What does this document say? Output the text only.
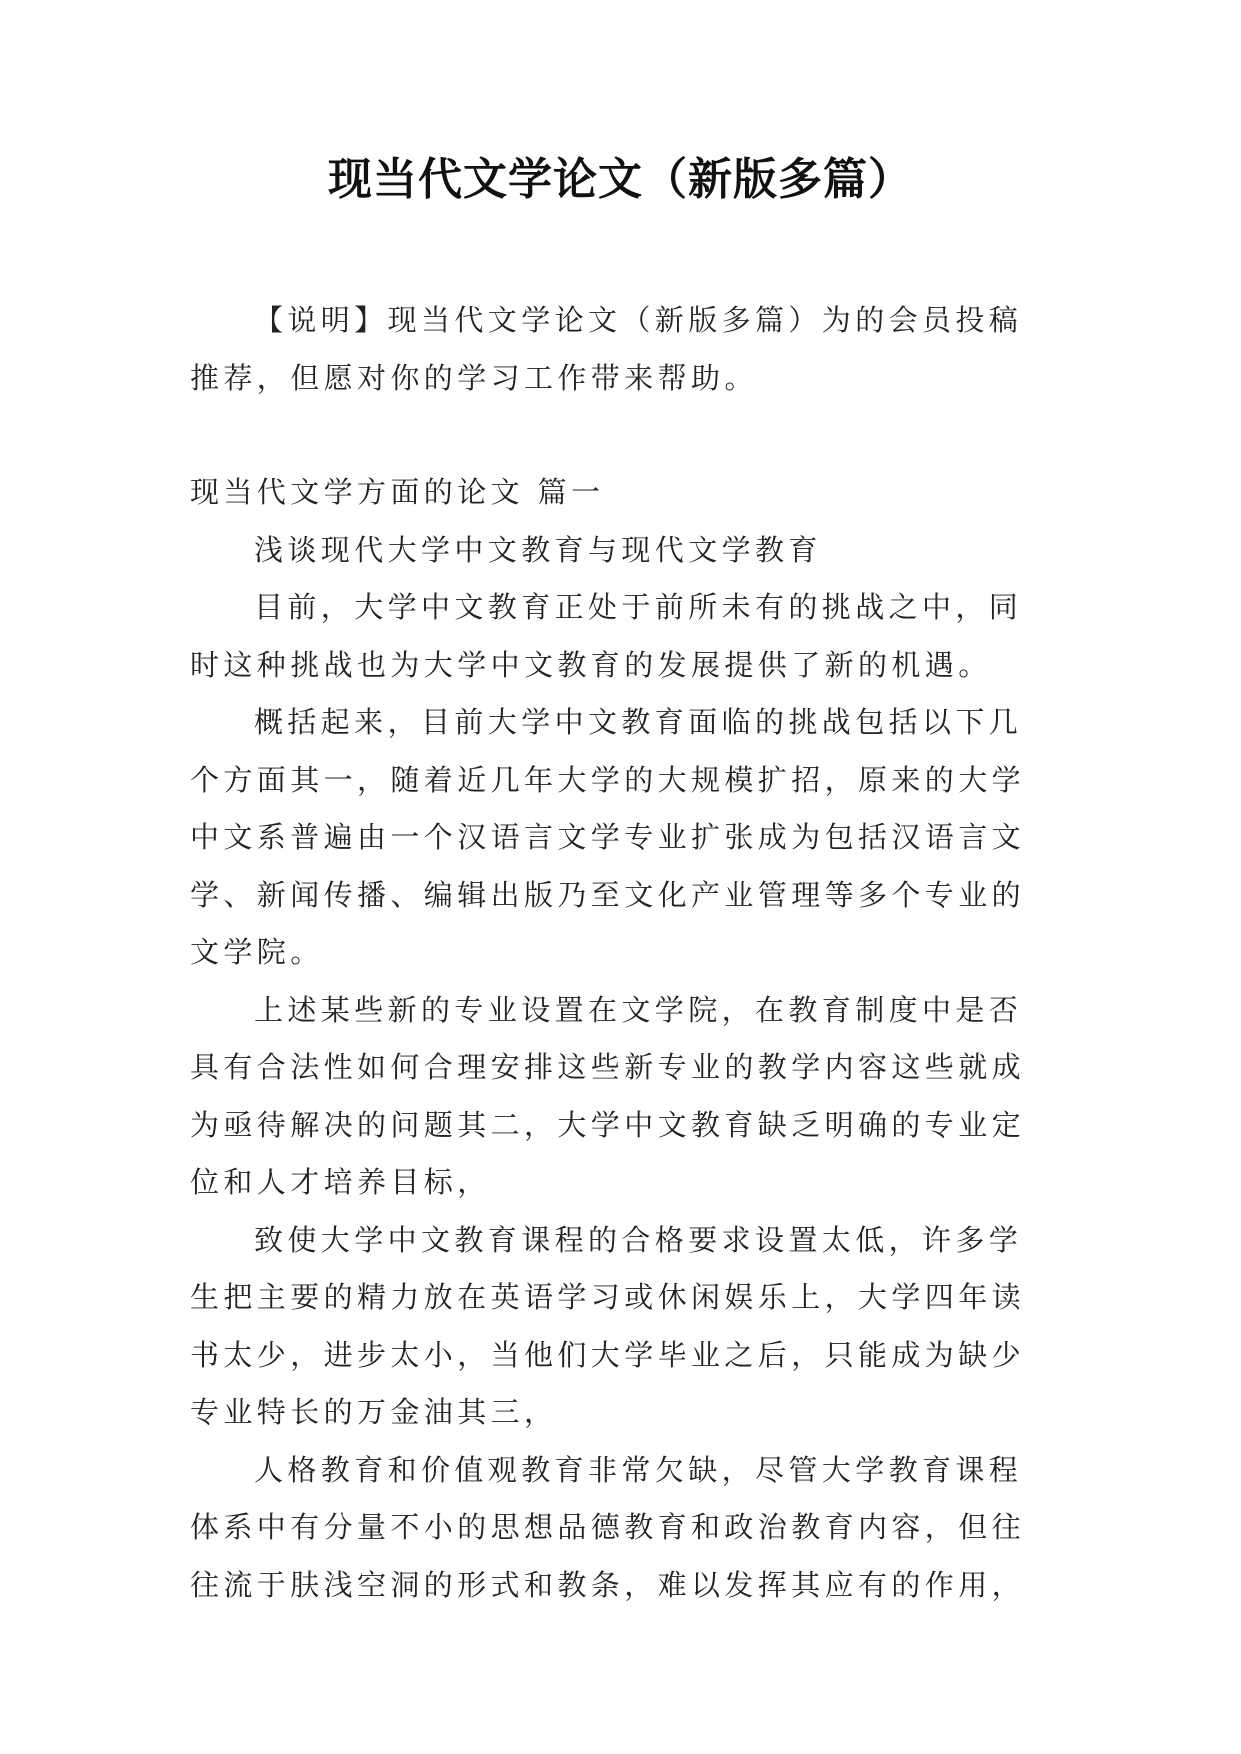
现当代文学论文（新版多篇）

【说明】现当代文学论文（新版多篇）为的会员投稿推荐，但愿对你的学习工作带来帮助。

现当代文学方面的论文 篇一

浅谈现代大学中文教育与现代文学教育

目前，大学中文教育正处于前所未有的挑战之中，同时这种挑战也为大学中文教育的发展提供了新的机遇。

概括起来，目前大学中文教育面临的挑战包括以下几个方面其一，随着近几年大学的大规模扩招，原来的大学中文系普遍由一个汉语言文学专业扩张成为包括汉语言文学、新闻传播、编辑出版乃至文化产业管理等多个专业的文学院。

上述某些新的专业设置在文学院，在教育制度中是否具有合法性如何合理安排这些新专业的教学内容这些就成为亟待解决的问题其二，大学中文教育缺乏明确的专业定位和人才培养目标，

致使大学中文教育课程的合格要求设置太低，许多学生把主要的精力放在英语学习或休闲娱乐上，大学四年读书太少，进步太小，当他们大学毕业之后，只能成为缺少专业特长的万金油其三，

人格教育和价值观教育非常欠缺，尽管大学教育课程体系中有分量不小的思想品德教育和政治教育内容，但往往流于肤浅空洞的形式和教条，难以发挥其应有的作用，
